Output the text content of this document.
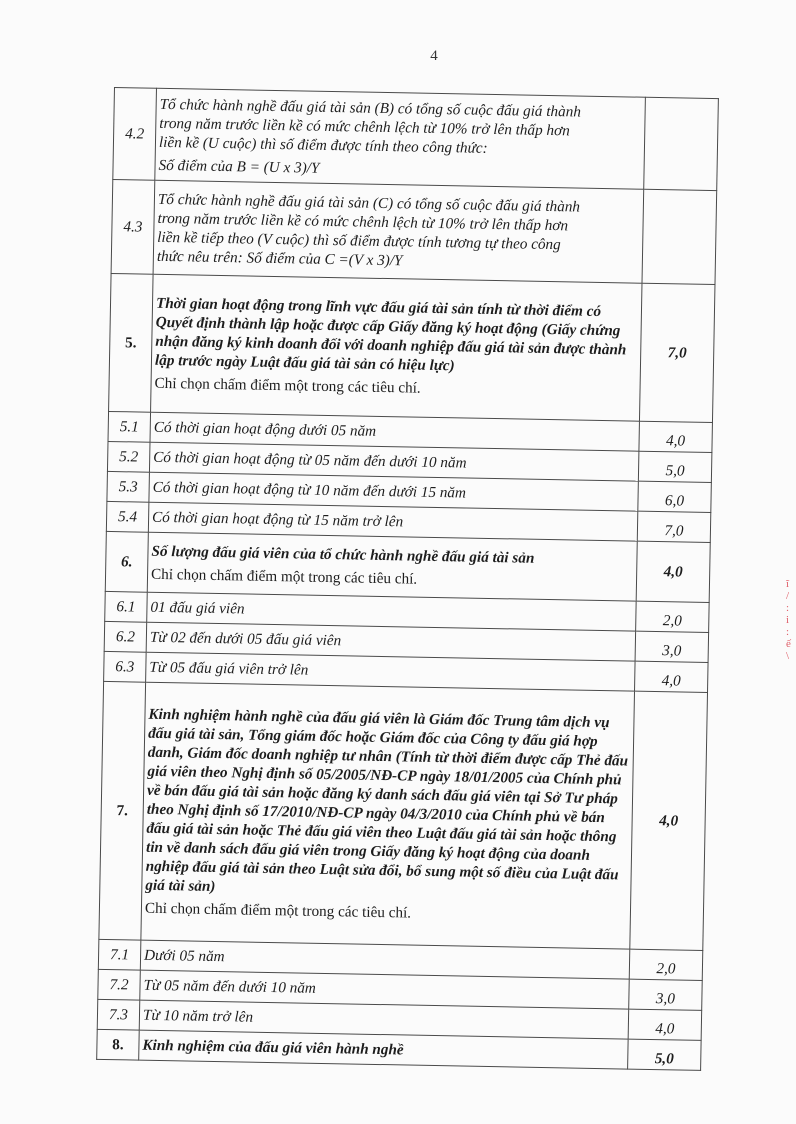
4
4.2	Tổ chức hành nghề đấu giá tài sản (B) có tổng số cuộc đấu giá thành
trong năm trước liền kề có mức chênh lệch từ 10% trở lên thấp hơn
liền kề (U cuộc) thì số điểm được tính theo công thức:
Số điểm của B = (U x 3)/Y	
4.3	Tổ chức hành nghề đấu giá tài sản (C) có tổng số cuộc đấu giá thành
trong năm trước liền kề có mức chênh lệch từ 10% trở lên thấp hơn
liền kề tiếp theo (V cuộc) thì số điểm được tính tương tự theo công
thức nêu trên: Số điểm của C =(V x 3)/Y	
5.	Thời gian hoạt động trong lĩnh vực đấu giá tài sản tính từ thời điểm có Quyết định thành lập hoặc được cấp Giấy đăng ký hoạt động (Giấy chứng nhận đăng ký kinh doanh đối với doanh nghiệp đấu giá tài sản được thành lập trước ngày Luật đấu giá tài sản có hiệu lực)
Chỉ chọn chấm điểm một trong các tiêu chí.	7,0
5.1	Có thời gian hoạt động dưới 05 năm	4,0
5.2	Có thời gian hoạt động từ 05 năm đến dưới 10 năm	5,0
5.3	Có thời gian hoạt động từ 10 năm đến dưới 15 năm	6,0
5.4	Có thời gian hoạt động từ 15 năm trở lên	7,0
6.	Số lượng đấu giá viên của tổ chức hành nghề đấu giá tài sản
Chỉ chọn chấm điểm một trong các tiêu chí.	4,0
6.1	01 đấu giá viên	2,0
6.2	Từ 02 đến dưới 05 đấu giá viên	3,0
6.3	Từ 05 đấu giá viên trở lên	4,0
7.	Kinh nghiệm hành nghề của đấu giá viên là Giám đốc Trung tâm dịch vụ đấu giá tài sản, Tổng giám đốc hoặc Giám đốc của Công ty đấu giá hợp danh, Giám đốc doanh nghiệp tư nhân (Tính từ thời điểm được cấp Thẻ đấu giá viên theo Nghị định số 05/2005/NĐ-CP ngày 18/01/2005 của Chính phủ về bán đấu giá tài sản hoặc đăng ký danh sách đấu giá viên tại Sở Tư pháp theo Nghị định số 17/2010/NĐ-CP ngày 04/3/2010 của Chính phủ về bán đấu giá tài sản hoặc Thẻ đấu giá viên theo Luật đấu giá tài sản hoặc thông tin về danh sách đấu giá viên trong Giấy đăng ký hoạt động của doanh nghiệp đấu giá tài sản theo Luật sửa đổi, bổ sung một số điều của Luật đấu giá tài sản)
Chỉ chọn chấm điểm một trong các tiêu chí.	4,0
7.1	Dưới 05 năm	2,0
7.2	Từ 05 năm đến dưới 10 năm	3,0
7.3	Từ 10 năm trở lên	4,0
8.	Kinh nghiệm của đấu giá viên hành nghề	5,0
ĩ
/
:
i
:
ế
\
